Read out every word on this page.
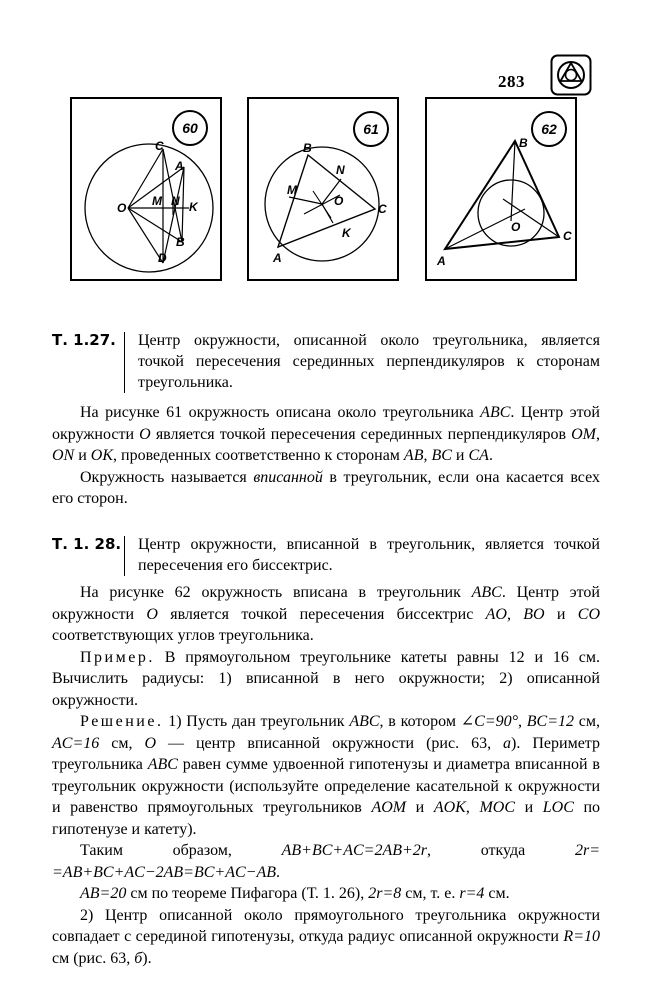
283
60
C
A
O M N K
B
D
61
B
N
M
O
C
K
A
62
B
O
C
A
Т. 1.27.	Центр окружности, описанной около треугольника, является точкой пересечения серединных перпендикуляров к сторонам треугольника.

На рисунке 61 окружность описана около треугольника ABC. Центр этой окружности O является точкой пересечения серединных перпендикуляров OM, ON и OK, проведенных соответственно к сторонам AB, BC и CA.

Окружность называется вписанной в треугольник, если она касается всех его сторон.

Т. 1. 28.	Центр окружности, вписанной в треугольник, является точкой пересечения его биссектрис.

На рисунке 62 окружность вписана в треугольник ABC. Центр этой окружности O является точкой пересечения биссектрис AO, BO и CO соответствующих углов треугольника.

Пример. В прямоугольном треугольнике катеты равны 12 и 16 см. Вычислить радиусы: 1) вписанной в него окружности; 2) описанной окружности.

Решение. 1) Пусть дан треугольник ABC, в котором ∠C=90°, BC=12 см, AC=16 см, O — центр вписанной окружности (рис. 63, а). Периметр треугольника ABC равен сумме удвоенной гипотенузы и диаметра вписанной в треугольник окружности (используйте определение касательной к окружности и равенство прямоугольных треугольников AOM и AOK, MOC и LOC по гипотенузе и катету).

Таким образом, AB+BC+AC=2AB+2r, откуда 2r= =AB+BC+AC−2AB=BC+AC−AB.

AB=20 см по теореме Пифагора (Т. 1. 26), 2r=8 см, т. е. r=4 см.

2) Центр описанной около прямоугольного треугольника окружности совпадает с серединой гипотенузы, откуда радиус описанной окружности R=10 см (рис. 63, б).
